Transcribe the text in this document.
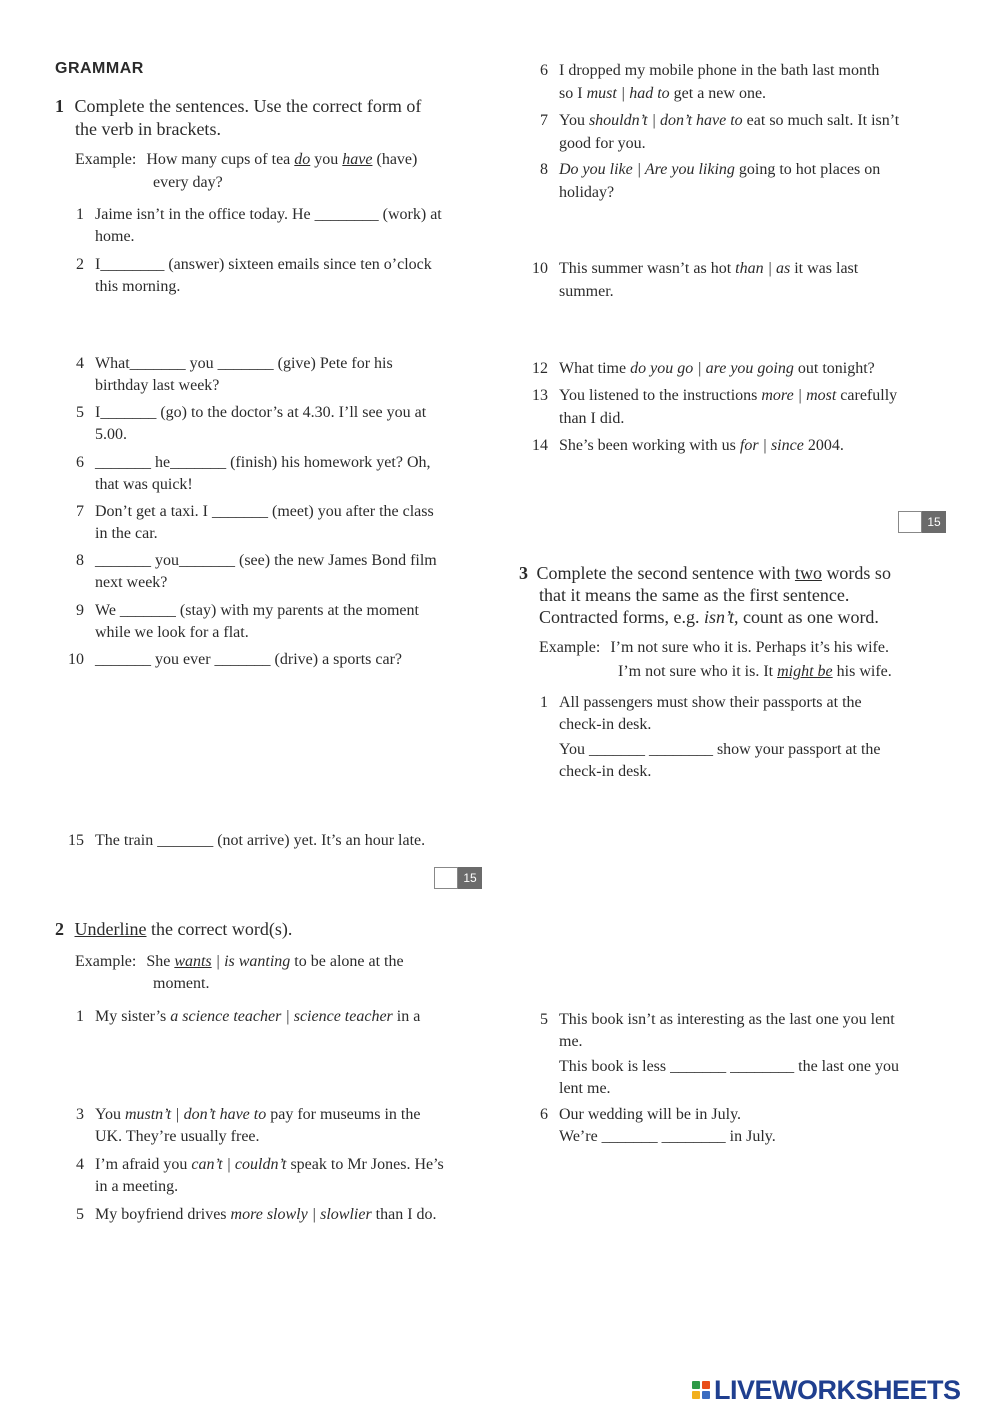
GRAMMAR
1 Complete the sentences. Use the correct form of
the verb in brackets.
Example: How many cups of tea do you have (have)
every day?
1 Jaime isn’t in the office today. He ________ (work) at
home.
2 I________ (answer) sixteen emails since ten o’clock
this morning.
4 What_______ you _______ (give) Pete for his
birthday last week?
5 I_______ (go) to the doctor’s at 4.30. I’ll see you at
5.00.
6 _______ he_______ (finish) his homework yet? Oh,
that was quick!
7 Don’t get a taxi. I _______ (meet) you after the class
in the car.
8 _______ you_______ (see) the new James Bond film
next week?
9 We _______ (stay) with my parents at the moment
while we look for a flat.
10 _______ you ever _______ (drive) a sports car?
15 The train _______ (not arrive) yet. It’s an hour late.
15
2 Underline the correct word(s).
Example: She wants | is wanting to be alone at the
moment.
1 My sister’s a science teacher | science teacher in a
3 You mustn’t | don’t have to pay for museums in the
UK. They’re usually free.
4 I’m afraid you can’t | couldn’t speak to Mr Jones. He’s
in a meeting.
5 My boyfriend drives more slowly | slowlier than I do.
6 I dropped my mobile phone in the bath last month
so I must | had to get a new one.
7 You shouldn’t | don’t have to eat so much salt. It isn’t
good for you.
8 Do you like | Are you liking going to hot places on
holiday?
10 This summer wasn’t as hot than | as it was last
summer.
12 What time do you go | are you going out tonight?
13 You listened to the instructions more | most carefully
than I did.
14 She’s been working with us for | since 2004.
15
3 Complete the second sentence with two words so
that it means the same as the first sentence.
Contracted forms, e.g. isn’t, count as one word.
Example: I’m not sure who it is. Perhaps it’s his wife.
I’m not sure who it is. It might be his wife.
1 All passengers must show their passports at the
check-in desk.
You _______ ________ show your passport at the
check-in desk.
5 This book isn’t as interesting as the last one you lent
me.
This book is less _______ ________ the last one you
lent me.
6 Our wedding will be in July.
We’re _______ ________ in July.
LIVEWORKSHEETS
